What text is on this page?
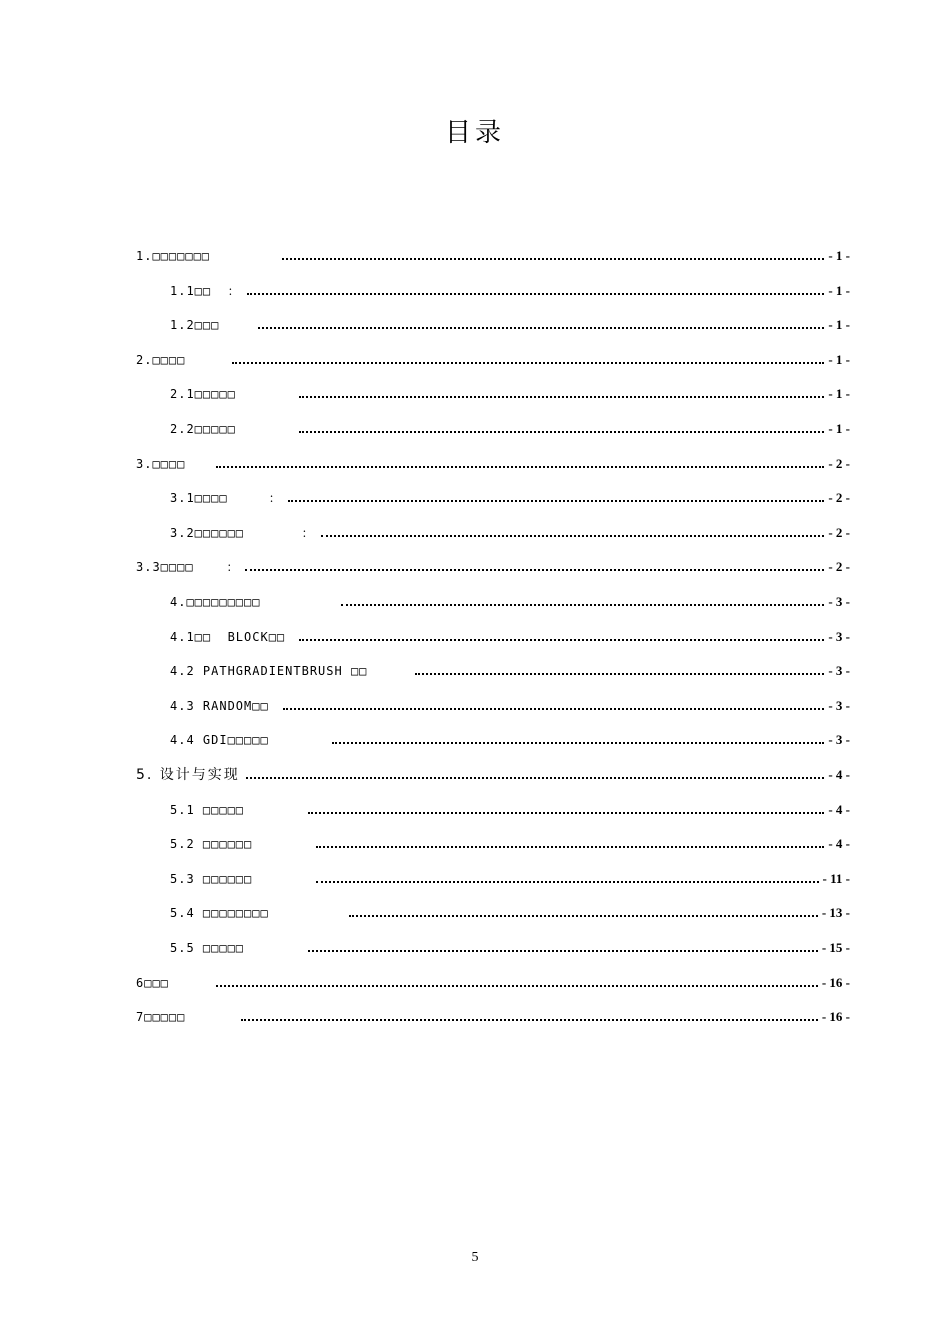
目录
1.□□□□□□□	- 1 -
1.1□□  ：	- 1 -
1.2□□□	- 1 -
2.□□□□	- 1 -
2.1□□□□□	- 1 -
2.2□□□□□	- 1 -
3.□□□□	- 2 -
3.1□□□□     ：	- 2 -
3.2□□□□□□       ：	- 2 -
3.3□□□□    ：	- 2 -
4.□□□□□□□□□	- 3 -
4.1□□  BLOCK□□	- 3 -
4.2 PATHGRADIENTBRUSH □□	- 3 -
4.3 RANDOM□□	- 3 -
4.4 GDI□□□□□	- 3 -
5. 设计与实现	- 4 -
5.1 □□□□□	- 4 -
5.2 □□□□□□	- 4 -
5.3 □□□□□□	- 11 -
5.4 □□□□□□□□	- 13 -
5.5 □□□□□	- 15 -
6□□□	- 16 -
7□□□□□	- 16 -
5
